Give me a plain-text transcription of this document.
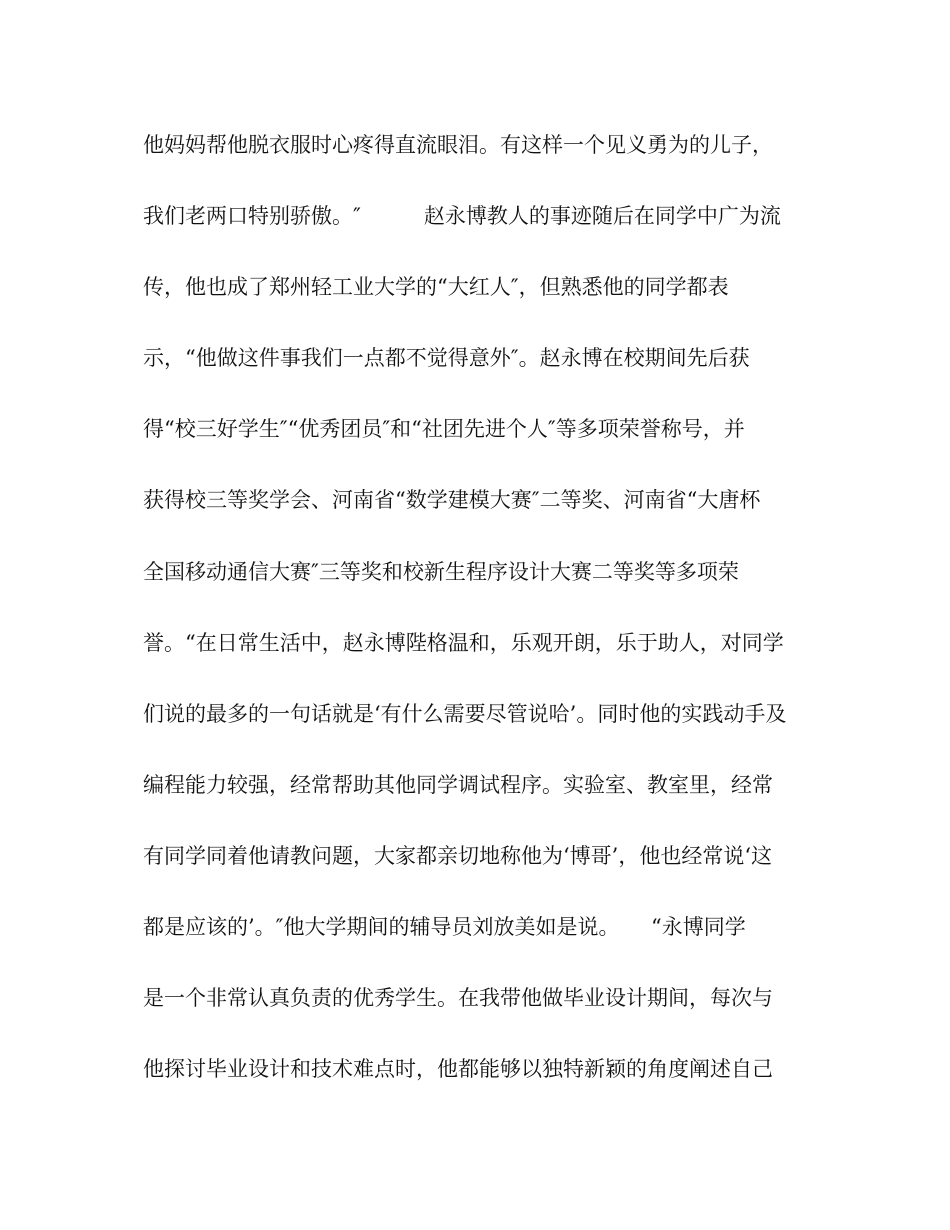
他妈妈帮他脱衣服时心疼得直流眼泪。有这样一个见义勇为的儿子，

我们老两口特别骄傲。″　　　赵永博教人的事迹随后在同学中广为流

传，他也成了郑州轻工业大学的“大红人″，但熟悉他的同学都表

示，“他做这件事我们一点都不觉得意外″。赵永博在校期间先后获

得“校三好学生″“优秀团员″和“社团先进个人″等多项荣誉称号，并

获得校三等奖学会、河南省“数学建模大赛″二等奖、河南省“大唐杯

全国移动通信大赛″三等奖和校新生程序设计大赛二等奖等多项荣

誉。“在日常生活中，赵永博陛格温和，乐观开朗，乐于助人，对同学

们说的最多的一句话就是‘有什么需要尽管说哈’。同时他的实践动手及

编程能力较强，经常帮助其他同学调试程序。实验室、教室里，经常

有同学同着他请教问题，大家都亲切地称他为‘博哥’，他也经常说‘这

都是应该的’。″他大学期间的辅导员刘放美如是说。　　“永博同学

是一个非常认真负责的优秀学生。在我带他做毕业设计期间，每次与

他探讨毕业设计和技术难点时，他都能够以独特新颖的角度阐述自己
